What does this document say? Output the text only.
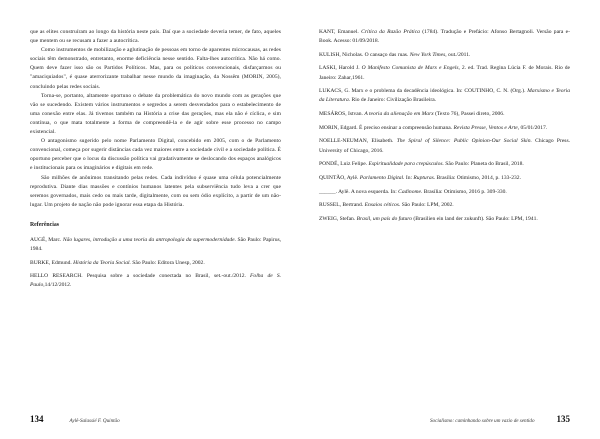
que as elites construíram ao longo da história neste país. Daí que a sociedade deveria temer, de fato, aqueles que mentem ou se recusam a fazer a autocrítica.

Como instrumentos de mobilização e aglutinação de pessoas em torno de aparentes microcausas, as redes sociais têm demonstrado, entretanto, enorme deficiência nesse sentido. Falta-lhes autocrítica. Não há como. Quem deve fazer isso são os Partidos Políticos. Mas, para os políticos convencionais, disfarçarmos ou "amaciquiados", é quase aterrorizante trabalhar nesse mundo da imaginação, da Nossêm (MORIN, 2005), concluindo pelas redes sociais.

Torna-se, portanto, altamente oportuno o debate da problemática do novo mundo com as gerações que vão se sucedendo. Existem vários instrumentos e segredos a serem desvendados para o estabelecimento de uma conexão entre elas. Já tivemos também na História a crise das gerações, mas ela não é cíclica, e sim contínua, o que mata totalmente a forma de compreendê-la e de agir sobre esse processo no campo existencial.

O antagonismo sugerido pelo nome Parlamento Digital, concebido em 2005, com o de Parlamento convencional, começa por sugerir distâncias cada vez maiores entre a sociedade civil e a sociedade política. É oportuno perceber que o locus da discussão política vai gradativamente se deslocando dos espaços analógicos e institucionais para os imaginários e digitais em rede.

São milhões de anônimos transitando pelas redes. Cada indivíduo é quase uma célula potencialmente reprodutiva. Diante dias massões e contínios humanos latentes pela subserviência tudo leva a crer que seremos governados, mais cedo ou mais tarde, digitalmente, com ou sem ódio explícito, a partir de um não-lugar. Um projeto de nação não pode ignorar essa etapa da História.

Referências

AUGÉ, Marc. Não lugares, introdução a uma teoria da antropologia da supermodernidade. São Paulo: Papirus, 1984.

BURKE, Edmund. História da Teoria Social. São Paulo: Editora Unesp, 2002.

HELLO RESEARCH. Pesquisa sobre a sociedade conectada no Brasil, set.-out./2012. Folha de S. Paulo,14/12/2012.

KANT, Emanuel. Crítica da Razão Prática (1784). Tradução e Prefácio: Afonso Bertagnoli. Versão para e-Book. Acesso: 01/09/2018.

KULISH, Nicholas. O cansaço das ruas. New York Times, out./2011.

LASKI, Harold J. O Manifesto Comunista de Marx e Engels, 2. ed. Trad. Regina Lúcia F. de Morais. Rio de Janeiro: Zahar,1961.

LUKACS, G. Marx e o problema da decadência ideológica. In: COUTINHO, C. N. (Org.). Marxismo e Teoria da Literatura. Rio de Janeiro: Civilização Brasileira.

MESÁROS, Istvan. A teoria da alienação em Marx (Texto 76), Passei direto, 2006.

MORIN, Edgard. É preciso ensinar a compreensão humana. Revista Presse, Ventos e Arte, 05/01/2017.

NOELLE-NEUMAN, Elisabeth. The Spiral of Silence: Public Opinion-Our Social Skin. Chicago Press. University of Chicago, 2016.

PONDÉ, Luiz Felipe. Espiritualidade para crepúsculos. São Paulo: Planeta do Brasil, 2018.

QUINTÃO, Aylê. Parlamento Digital. In: Rupturas. Brasília: Otimismo, 2014, p. 133-232.

______. Aylê. A nova esquerda. In: Cadinome. Brasília: Otimismo, 2016 p. 309-330.

RUSSEL, Bertrand. Ensaios céticos. São Paulo: LPM, 2002.

ZWEIG, Stefan. Brasil, um país do futuro (Brasilien ein land der zukunft). São Paulo: LPM, 1941.

134	Aylê-Salassié F. Quintão	Socialismo: caminhando sobre um vazio de sentido 135
